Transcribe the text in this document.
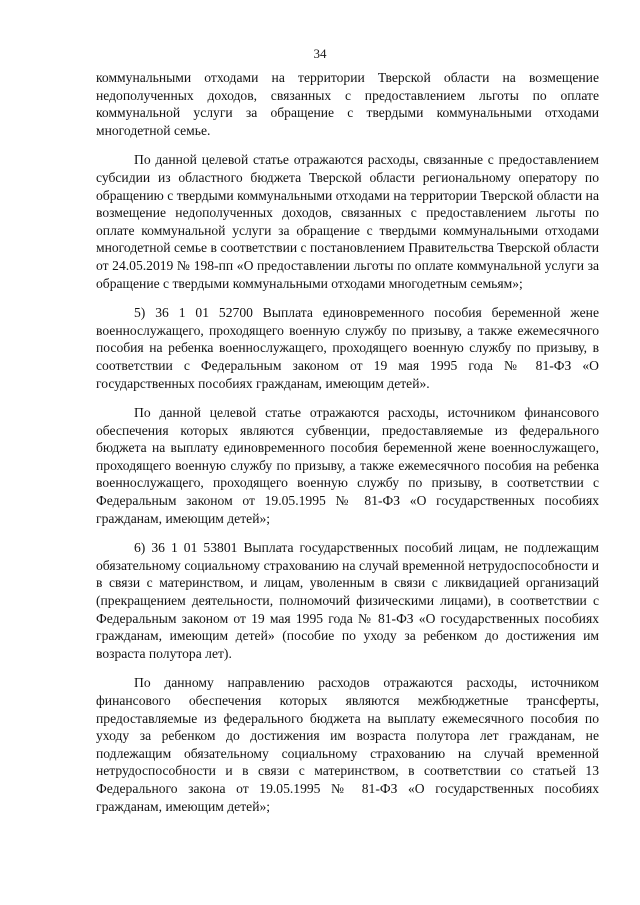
34

коммунальными отходами на территории Тверской области на возмещение недополученных доходов, связанных с предоставлением льготы по оплате коммунальной услуги за обращение с твердыми коммунальными отходами многодетной семье.

По данной целевой статье отражаются расходы, связанные с предоставлением субсидии из областного бюджета Тверской области региональному оператору по обращению с твердыми коммунальными отходами на территории Тверской области на возмещение недополученных доходов, связанных с предоставлением льготы по оплате коммунальной услуги за обращение с твердыми коммунальными отходами многодетной семье в соответствии с постановлением Правительства Тверской области от 24.05.2019 № 198-пп «О предоставлении льготы по оплате коммунальной услуги за обращение с твердыми коммунальными отходами многодетным семьям»;

5) 36 1 01 52700 Выплата единовременного пособия беременной жене военнослужащего, проходящего военную службу по призыву, а также ежемесячного пособия на ребенка военнослужащего, проходящего военную службу по призыву, в соответствии с Федеральным законом от 19 мая 1995 года № 81-ФЗ «О государственных пособиях гражданам, имеющим детей».

По данной целевой статье отражаются расходы, источником финансового обеспечения которых являются субвенции, предоставляемые из федерального бюджета на выплату единовременного пособия беременной жене военнослужащего, проходящего военную службу по призыву, а также ежемесячного пособия на ребенка военнослужащего, проходящего военную службу по призыву, в соответствии с Федеральным законом от 19.05.1995 № 81-ФЗ «О государственных пособиях гражданам, имеющим детей»;

6) 36 1 01 53801 Выплата государственных пособий лицам, не подлежащим обязательному социальному страхованию на случай временной нетрудоспособности и в связи с материнством, и лицам, уволенным в связи с ликвидацией организаций (прекращением деятельности, полномочий физическими лицами), в соответствии с Федеральным законом от 19 мая 1995 года № 81-ФЗ «О государственных пособиях гражданам, имеющим детей» (пособие по уходу за ребенком до достижения им возраста полутора лет).

По данному направлению расходов отражаются расходы, источником финансового обеспечения которых являются межбюджетные трансферты, предоставляемые из федерального бюджета на выплату ежемесячного пособия по уходу за ребенком до достижения им возраста полутора лет гражданам, не подлежащим обязательному социальному страхованию на случай временной нетрудоспособности и в связи с материнством, в соответствии со статьей 13 Федерального закона от 19.05.1995 № 81-ФЗ «О государственных пособиях гражданам, имеющим детей»;
